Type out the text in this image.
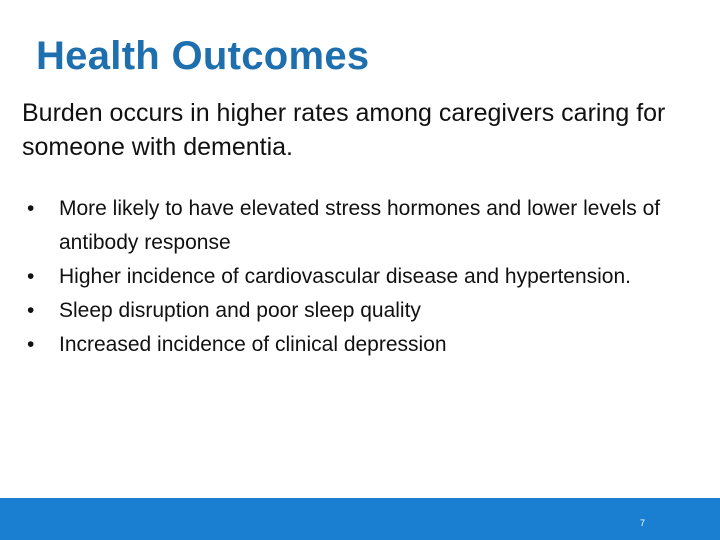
Health Outcomes

Burden occurs in higher rates among caregivers caring for someone with dementia.

• More likely to have elevated stress hormones and lower levels of antibody response
• Higher incidence of cardiovascular disease and hypertension.
• Sleep disruption and poor sleep quality
• Increased incidence of clinical depression
7
